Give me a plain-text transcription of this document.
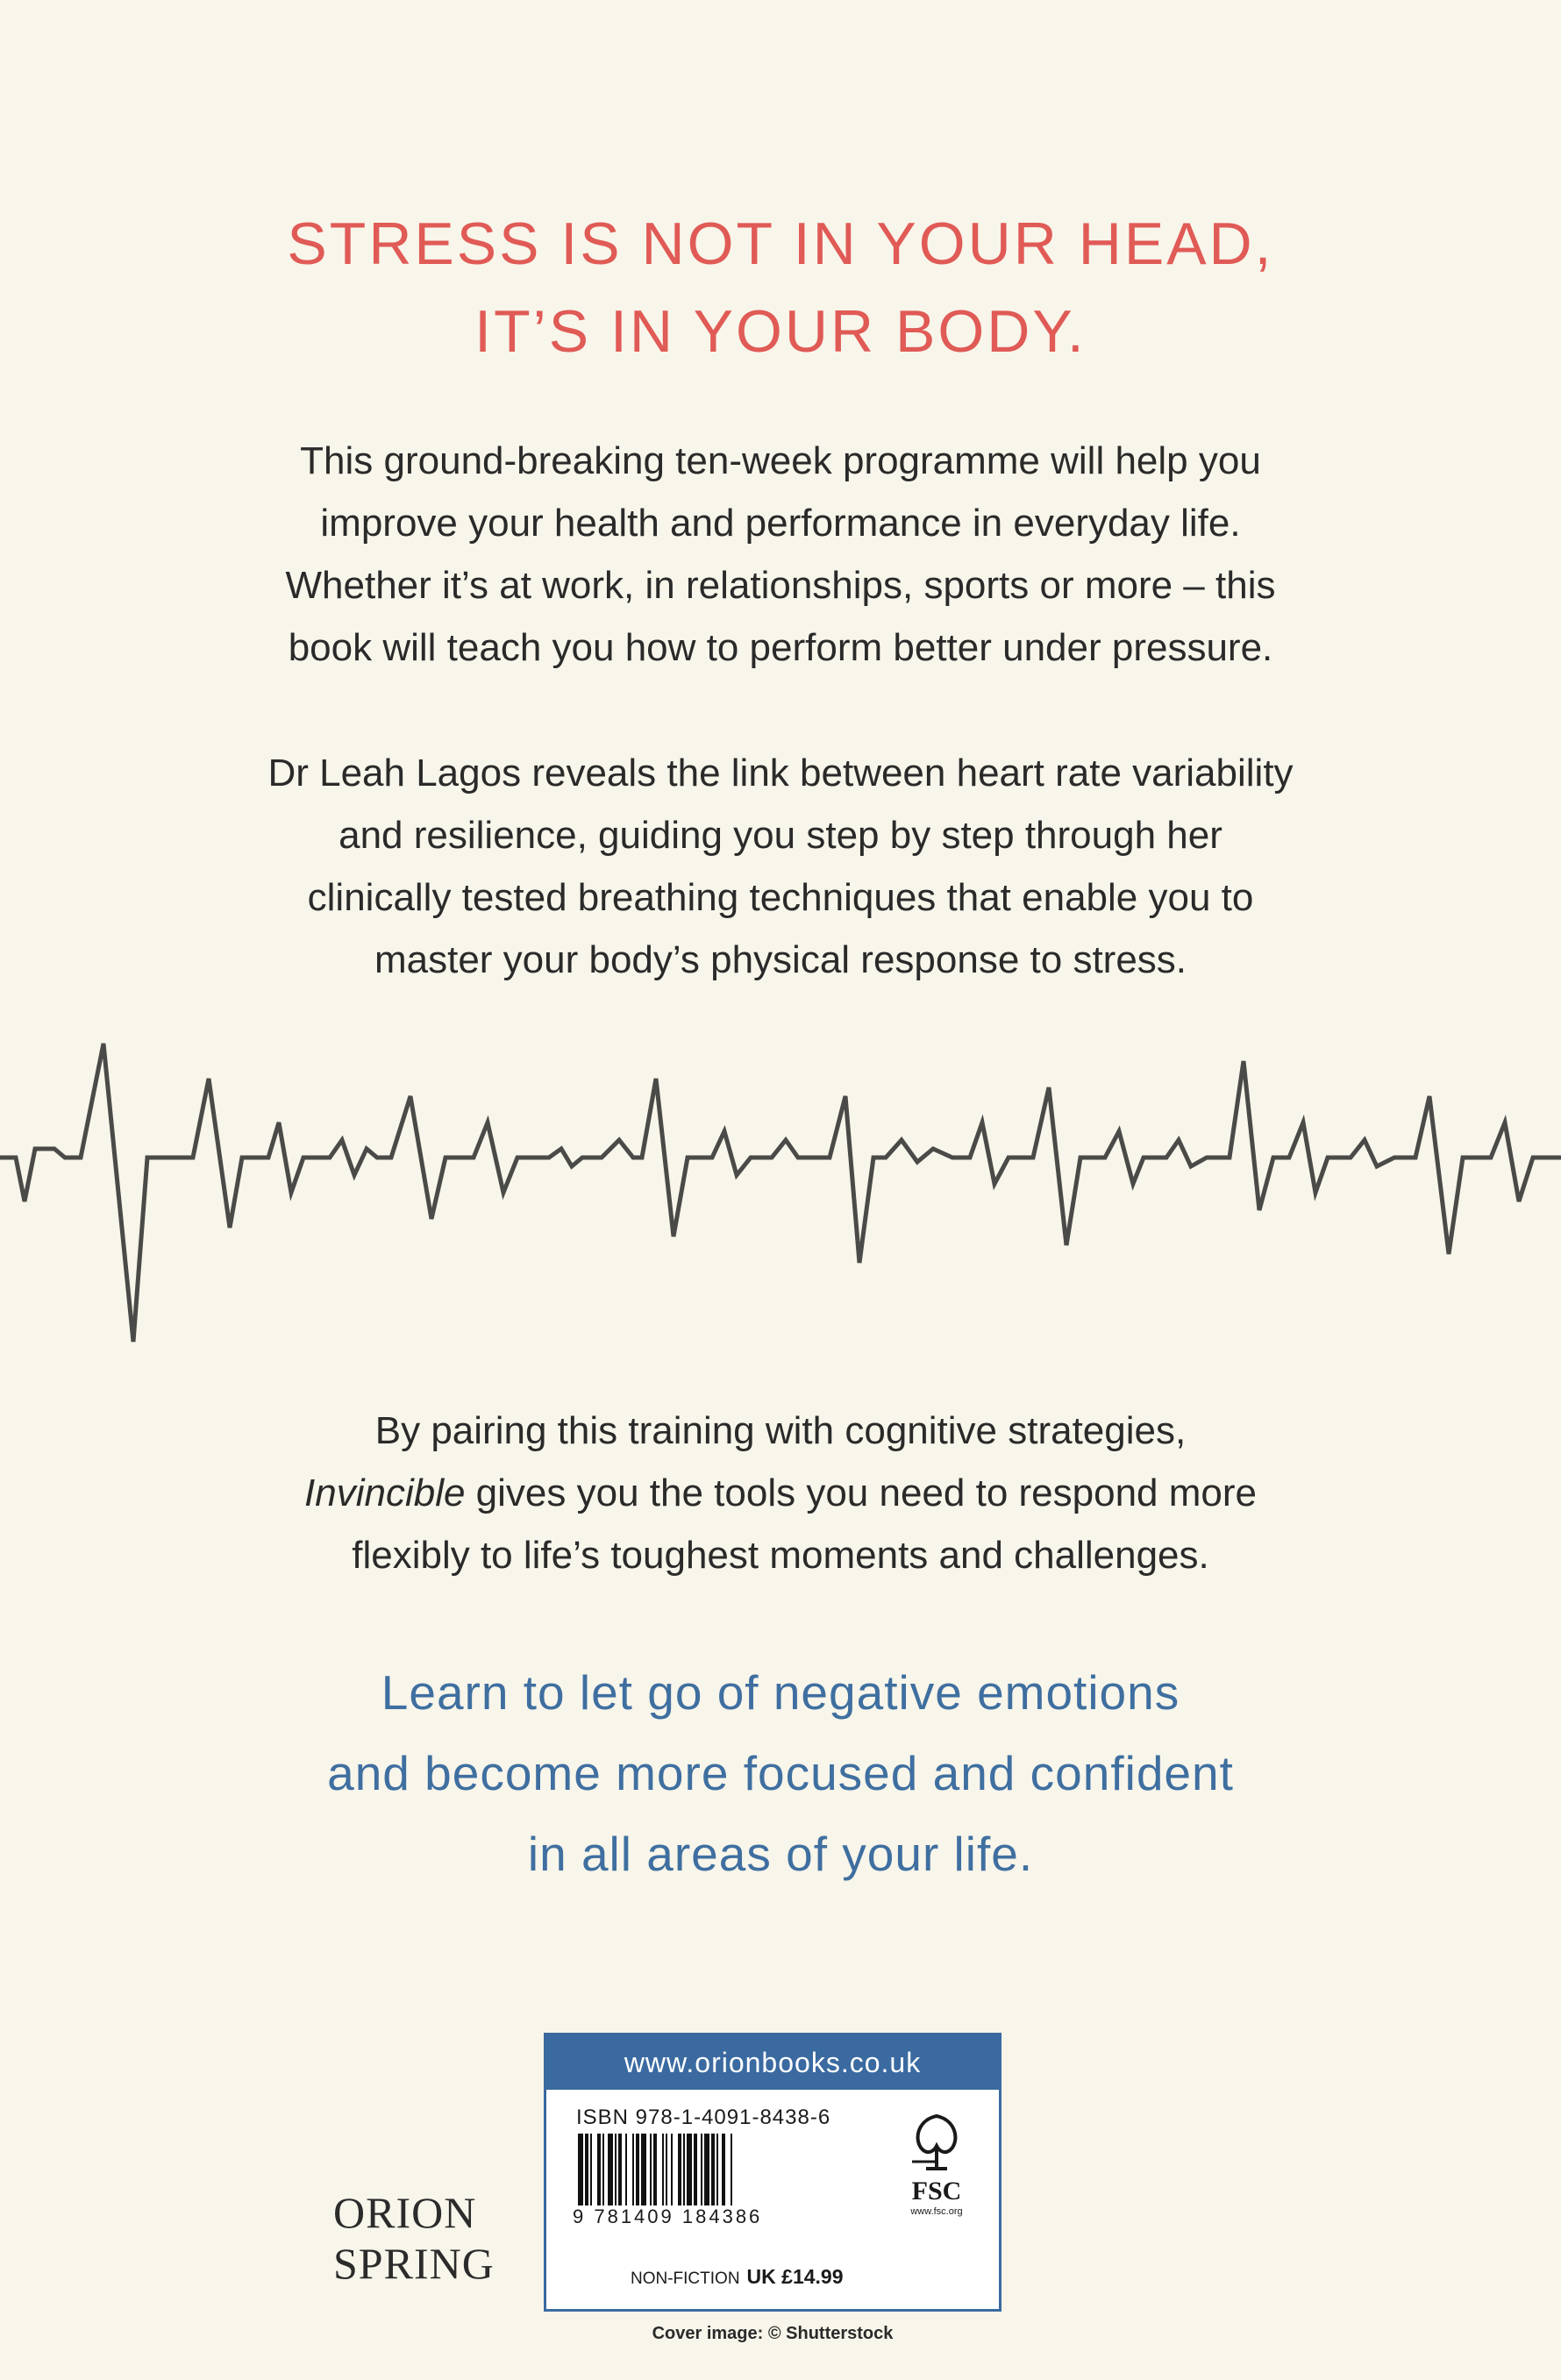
STRESS IS NOT IN YOUR HEAD,
IT’S IN YOUR BODY.

This ground-breaking ten-week programme will help you
improve your health and performance in everyday life.
Whether it’s at work, in relationships, sports or more – this
book will teach you how to perform better under pressure.

Dr Leah Lagos reveals the link between heart rate variability
and resilience, guiding you step by step through her
clinically tested breathing techniques that enable you to
master your body’s physical response to stress.

By pairing this training with cognitive strategies,
Invincible gives you the tools you need to respond more
flexibly to life’s toughest moments and challenges.

Learn to let go of negative emotions
and become more focused and confident
in all areas of your life.

ORION
SPRING
www.orionbooks.co.uk
ISBN 978-1-4091-8438-6
9 781409 184386
NON-FICTION UK £14.99
FSC
www.fsc.org
Cover image: © Shutterstock
